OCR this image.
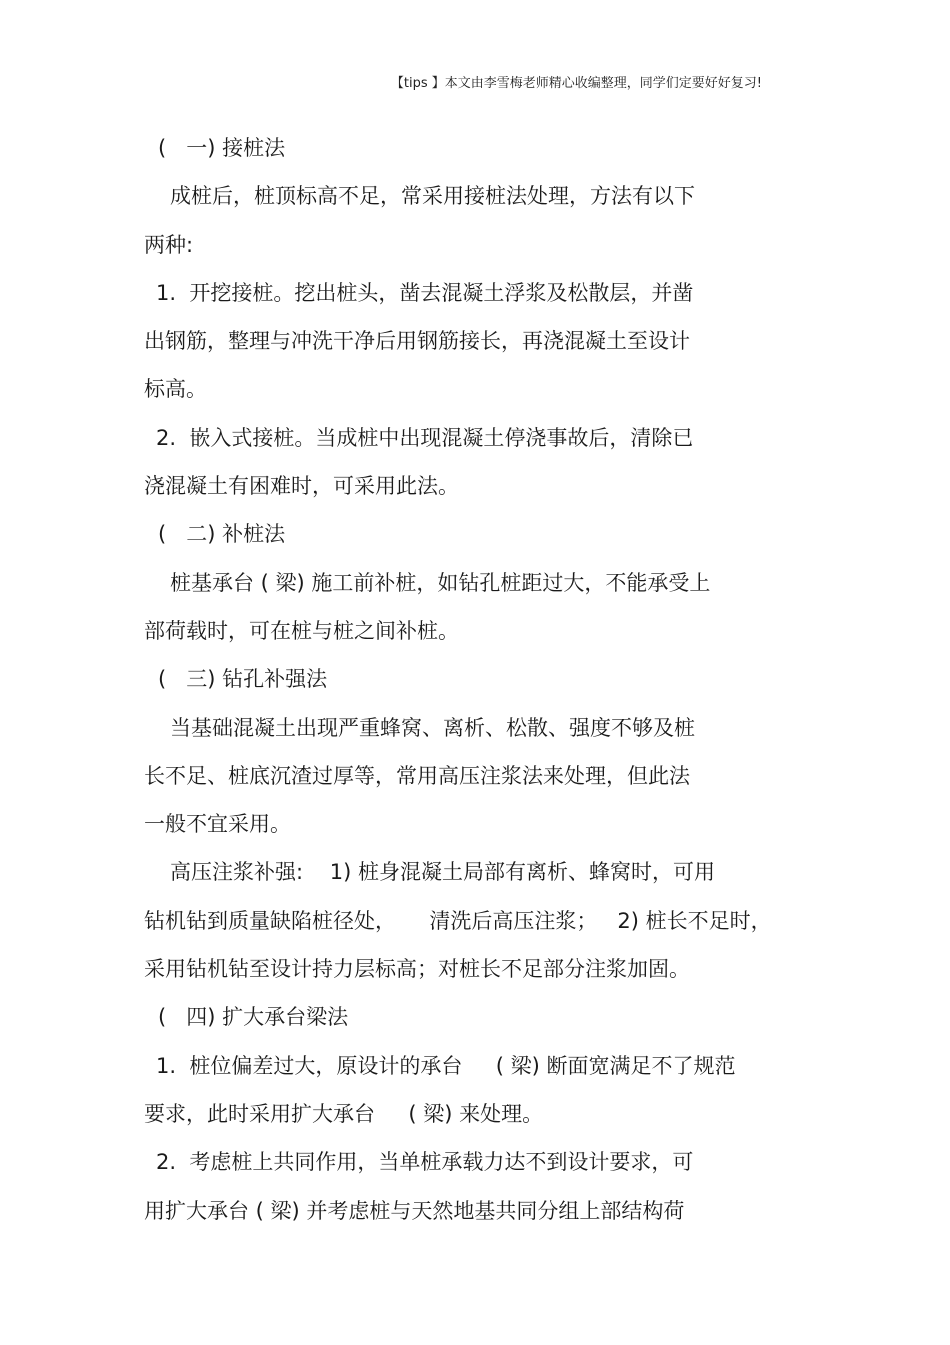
【tips 】本文由李雪梅老师精心收编整理，同学们定要好好复习!
(   一) 接桩法
成桩后，桩顶标高不足，常采用接桩法处理，方法有以下
两种:
1.  开挖接桩。挖出桩头，凿去混凝土浮浆及松散层，并凿
出钢筋，整理与冲洗干净后用钢筋接长，再浇混凝土至设计
标高。
2.  嵌入式接桩。当成桩中出现混凝土停浇事故后，清除已
浇混凝土有困难时，可采用此法。
(   二) 补桩法
桩基承台 ( 梁) 施工前补桩，如钻孔桩距过大，不能承受上
部荷载时，可在桩与桩之间补桩。
(   三) 钻孔补强法
当基础混凝土出现严重蜂窝、离析、松散、强度不够及桩
长不足、桩底沉渣过厚等，常用高压注浆法来处理，但此法
一般不宜采用。
高压注浆补强:    1) 桩身混凝土局部有离析、蜂窝时，可用
钻机钻到质量缺陷桩径处，     清洗后高压注浆；   2) 桩长不足时，
采用钻机钻至设计持力层标高；对桩长不足部分注浆加固。
(   四) 扩大承台梁法
1.  桩位偏差过大，原设计的承台     ( 梁) 断面宽满足不了规范
要求，此时采用扩大承台     ( 梁) 来处理。
2.  考虑桩上共同作用，当单桩承载力达不到设计要求，可
用扩大承台 ( 梁) 并考虑桩与天然地基共同分组上部结构荷
